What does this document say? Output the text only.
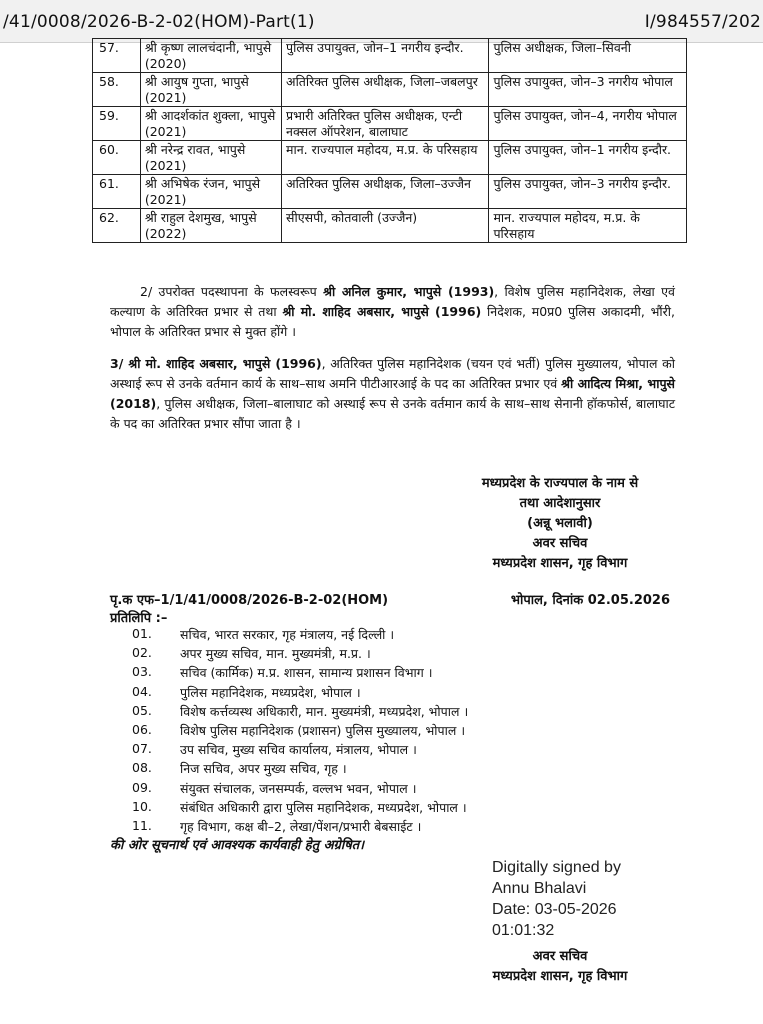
/41/0008/2026-B-2-02(HOM)-Part(1)	I/984557/202
57.	श्री कृष्ण लालचंदानी, भापुसे (2020)	पुलिस उपायुक्त, जोन–1 नगरीय इन्दौर.	पुलिस अधीक्षक, जिला–सिवनी
58.	श्री आयुष गुप्ता, भापुसे (2021)	अतिरिक्त पुलिस अधीक्षक, जिला–जबलपुर	पुलिस उपायुक्त, जोन–3 नगरीय भोपाल
59.	श्री आदर्शकांत शुक्ला, भापुसे (2021)	प्रभारी अतिरिक्त पुलिस अधीक्षक, एन्टी नक्सल ऑपरेशन, बालाघाट	पुलिस उपायुक्त, जोन–4, नगरीय भोपाल
60.	श्री नरेन्द्र रावत, भापुसे (2021)	मान. राज्यपाल महोदय, म.प्र. के परिसहाय	पुलिस उपायुक्त, जोन–1 नगरीय इन्दौर.
61.	श्री अभिषेक रंजन, भापुसे (2021)	अतिरिक्त पुलिस अधीक्षक, जिला–उज्जैन	पुलिस उपायुक्त, जोन–3 नगरीय इन्दौर.
62.	श्री राहुल देशमुख, भापुसे (2022)	सीएसपी, कोतवाली (उज्जैन)	मान. राज्यपाल महोदय, म.प्र. के परिसहाय
2/ उपरोक्त पदस्थापना के फलस्वरूप श्री अनिल कुमार, भापुसे (1993), विशेष पुलिस महानिदेशक, लेखा एवं कल्याण के अतिरिक्त प्रभार से तथा श्री मो. शाहिद अबसार, भापुसे (1996) निदेशक, म0प्र0 पुलिस अकादमी, भौंरी, भोपाल के अतिरिक्त प्रभार से मुक्त होंगे ।
3/ श्री मो. शाहिद अबसार, भापुसे (1996), अतिरिक्त पुलिस महानिदेशक (चयन एवं भर्ती) पुलिस मुख्यालय, भोपाल को अस्थाई रूप से उनके वर्तमान कार्य के साथ–साथ अमनि पीटीआरआई के पद का अतिरिक्त प्रभार एवं श्री आदित्य मिश्रा, भापुसे (2018), पुलिस अधीक्षक, जिला–बालाघाट को अस्थाई रूप से उनके वर्तमान कार्य के साथ–साथ सेनानी हॉकफोर्स, बालाघाट के पद का अतिरिक्त प्रभार सौंपा जाता है ।
मध्यप्रदेश के राज्यपाल के नाम से
तथा आदेशानुसार
(अन्नू भलावी)
अवर सचिव
मध्यप्रदेश शासन, गृह विभाग
पृ.क एफ–1/1/41/0008/2026-B-2-02(HOM)	भोपाल, दिनांक 02.05.2026
प्रतिलिपि :–
01. सचिव, भारत सरकार, गृह मंत्रालय, नई दिल्ली ।
02. अपर मुख्य सचिव, मान. मुख्यमंत्री, म.प्र. ।
03. सचिव (कार्मिक) म.प्र. शासन, सामान्य प्रशासन विभाग ।
04. पुलिस महानिदेशक, मध्यप्रदेश, भोपाल ।
05. विशेष कर्त्तव्यस्थ अधिकारी, मान. मुख्यमंत्री, मध्यप्रदेश, भोपाल ।
06. विशेष पुलिस महानिदेशक (प्रशासन) पुलिस मुख्यालय, भोपाल ।
07. उप सचिव, मुख्य सचिव कार्यालय, मंत्रालय, भोपाल ।
08. निज सचिव, अपर मुख्य सचिव, गृह ।
09. संयुक्त संचालक, जनसम्पर्क, वल्लभ भवन, भोपाल ।
10. संबंधित अधिकारी द्वारा पुलिस महानिदेशक, मध्यप्रदेश, भोपाल ।
11. गृह विभाग, कक्ष बी–2, लेखा/पेंशन/प्रभारी बेबसाईट ।
की ओर सूचनार्थ एवं आवश्यक कार्यवाही हेतु अग्रेषित।
Digitally signed by
Annu Bhalavi
Date: 03-05-2026
01:01:32
अवर सचिव
मध्यप्रदेश शासन, गृह विभाग
